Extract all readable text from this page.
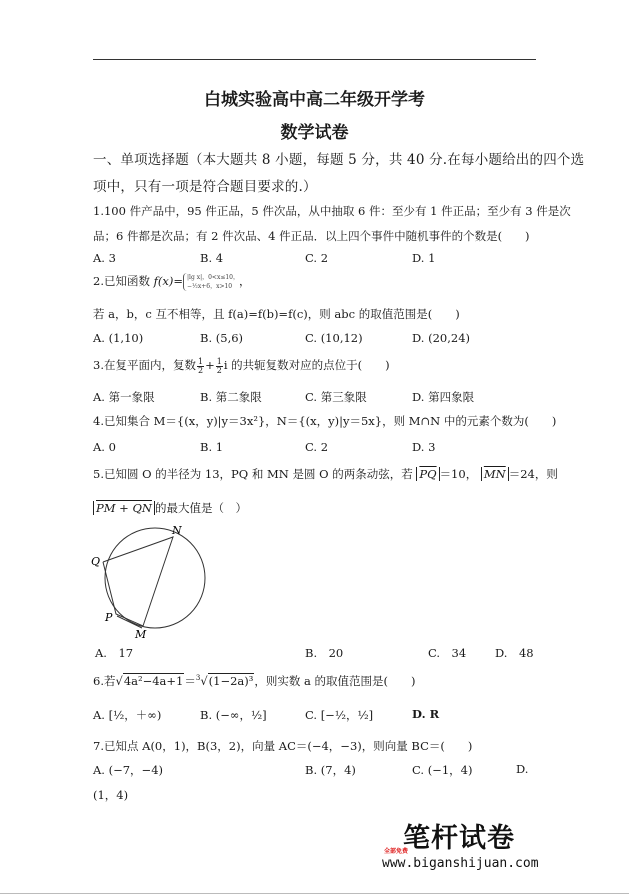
白城实验高中高二年级开学考
数学试卷
一、单项选择题（本大题共 8 小题，每题 5 分，共 40 分.在每小题给出的四个选
项中，只有一项是符合题目要求的.）
1.100 件产品中，95 件正品，5 件次品，从中抽取 6 件：至少有 1 件正品；至少有 3 件是次
品；6 件都是次品；有 2 件次品、4 件正品．以上四个事件中随机事件的个数是(　　)
A. 3	B. 4	C. 2	D. 1
2.已知函数 f(x)= |lg x|，0<x≤10，
−½x+6，x>10 ，
若 a，b，c 互不相等，且 f(a)=f(b)=f(c)，则 abc 的取值范围是(　　)
A. (1,10)	B. (5,6)	C. (10,12)	D. (20,24)
3.在复平面内，复数 $\frac{1}{2} + \frac{1}{2}$ i 的共轭复数对应的点位于(　　)
A. 第一象限	B. 第二象限	C. 第三象限	D. 第四象限
4.已知集合 M＝{(x，y)|y＝3x²}，N＝{(x，y)|y＝5x}，则 M∩N 中的元素个数为(　　)
A. 0	B. 1	C. 2	D. 3
5.已知圆 O 的半径为 13，PQ 和 MN 是圆 O 的两条动弦，若 $\overline{PQ} =10$， $\overline{MN} =24$，则
PM + QN 的最大值是（　）
Q
N
P
M
A.　17	B.　20	C.　34	D.　48
6.若√4a²−4a+1＝$^3$√(1−2a)³，则实数 a 的取值范围是(　　)
A. [½，＋∞)	B. (−∞，½]	C. [−½，½]	D. R
7.已知点 A(0，1)，B(3，2)，向量 AC＝(−4，−3)，则向量 BC＝(　　)
A. (−7，−4)	B. (7，4)	C. (−1，4)	D.
(1，4)
笔杆试卷
全部免费
www.biganshijuan.com
